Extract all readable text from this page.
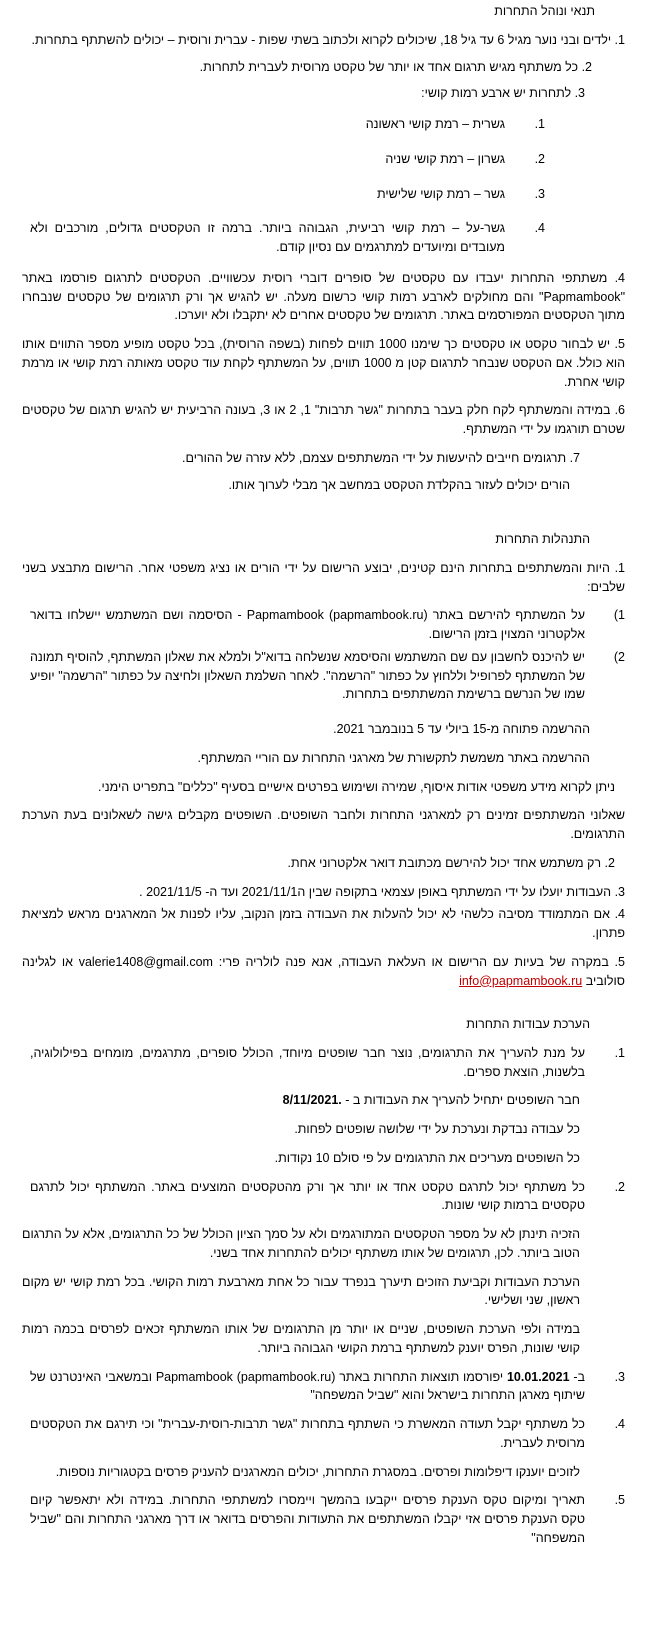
תנאי ונוהל התחרות

1. ילדים ובני נוער מגיל 6 עד גיל 18, שיכולים לקרוא ולכתוב בשתי שפות - עברית ורוסית – יכולים להשתתף בתחרות.

2. כל משתתף מגיש תרגום אחד או יותר של טקסט מרוסית לעברית לתחרות.

3. לתחרות יש ארבע רמות קושי:

1.
גשרית – רמת קושי ראשונה
2.
גשרון – רמת קושי שניה
3.
גשר – רמת קושי שלישית
4.
גשר-על – רמת קושי רביעית, הגבוהה ביותר. ברמה זו הטקסטים גדולים, מורכבים ולא מעובדים ומיועדים למתרגמים עם נסיון קודם.

4. משתתפי התחרות יעבדו עם טקסטים של סופרים דוברי רוסית עכשוויים. הטקסטים לתרגום פורסמו באתר "Papmambook" והם מחולקים לארבע רמות קושי כרשום מעלה. יש להגיש אך ורק תרגומים של טקסטים שנבחרו מתוך הטקסטים המפורסמים באתר. תרגומים של טקסטים אחרים לא יתקבלו ולא יוערכו.

5. יש לבחור טקסט או טקסטים כך שימנו 1000 תווים לפחות (בשפה הרוסית), בכל טקסט מופיע מספר התווים אותו הוא כולל. אם הטקסט שנבחר לתרגום קטן מ 1000 תווים, על המשתתף לקחת עוד טקסט מאותה רמת קושי או מרמת קושי אחרת.

6. במידה והמשתתף לקח חלק בעבר בתחרות "גשר תרבות" 1, 2 או 3, בעונה הרביעית יש להגיש תרגום של טקסטים שטרם תורגמו על ידי המשתתף.

7. תרגומים חייבים להיעשות על ידי המשתתפים עצמם, ללא עזרה של ההורים.

הורים יכולים לעזור בהקלדת הטקסט במחשב אך מבלי לערוך אותו.

התנהלות התחרות

1. היות והמשתתפים בתחרות הינם קטינים, יבוצע הרישום על ידי הורים או נציג משפטי אחר. הרישום מתבצע בשני שלבים:

1)
על המשתתף להירשם באתר Papmambook (papmambook.ru) - הסיסמה ושם המשתמש יישלחו בדואר אלקטרוני המצוין בזמן הרישום.
2)
יש להיכנס לחשבון עם שם המשתמש והסיסמא שנשלחה בדוא"ל ולמלא את שאלון המשתתף, להוסיף תמונה של המשתתף לפרופיל וללחוץ על כפתור "הרשמה". לאחר השלמת השאלון ולחיצה על כפתור "הרשמה" יופיע שמו של הנרשם ברשימת המשתתפים בתחרות.

ההרשמה פתוחה מ-15 ביולי עד 5 בנובמבר 2021.

ההרשמה באתר משמשת לתקשורת של מארגני התחרות עם הוריי המשתתף.

ניתן לקרוא מידע משפטי אודות איסוף, שמירה ושימוש בפרטים אישיים בסעיף "כללים" בתפריט הימני.

שאלוני המשתתפים זמינים רק למארגני התחרות ולחבר השופטים. השופטים מקבלים גישה לשאלונים בעת הערכת התרגומים.

2. רק משתמש אחד יכול להירשם מכתובת דואר אלקטרוני אחת.

3. העבודות יועלו על ידי המשתתף באופן עצמאי בתקופה שבין ה2021/11/1 ועד ה- 2021/11/5 .

4. אם המתמודד מסיבה כלשהי לא יכול להעלות את העבודה בזמן הנקוב, עליו לפנות אל המארגנים מראש למציאת פתרון.

5. במקרה של בעיות עם הרישום או העלאת העבודה, אנא פנה לולריה פרי: valerie1408@gmail.com או לגלינה סולוביב info@papmambook.ru

הערכת עבודות התחרות

1.
על מנת להעריך את התרגומים, נוצר חבר שופטים מיוחד, הכולל סופרים, מתרגמים, מומחים בפילולוגיה, בלשנות, הוצאת ספרים.

חבר השופטים יתחיל להעריך את העבודות ב - 8/11/2021.

כל עבודה נבדקת ונערכת על ידי שלושה שופטים לפחות.

כל השופטים מעריכים את התרגומים על פי סולם 10 נקודות.

2.
כל משתתף יכול לתרגם טקסט אחד או יותר אך ורק מהטקסטים המוצעים באתר. המשתתף יכול לתרגם טקסטים ברמות קושי שונות.

הזכיה תינתן לא על מספר הטקסטים המתורגמים ולא על סמך הציון הכולל של כל התרגומים, אלא על התרגום הטוב ביותר. לכן, תרגומים של אותו משתתף יכולים להתחרות אחד בשני.

הערכת העבודות וקביעת הזוכים תיערך בנפרד עבור כל אחת מארבעת רמות הקושי. בכל רמת קושי יש מקום ראשון, שני ושלישי.

במידה ולפי הערכת השופטים, שניים או יותר מן התרגומים של אותו המשתתף זכאים לפרסים בכמה רמות קושי שונות, הפרס יוענק למשתתף ברמת הקושי הגבוהה ביותר.

3.
ב- 10.01.2021 יפורסמו תוצאות התחרות באתר Papmambook (papmambook.ru) ובמשאבי האינטרנט של שיתוף מארגן התחרות בישראל והוא "שביל המשפחה"
4.
כל משתתף יקבל תעודה המאשרת כי השתתף בתחרות "גשר תרבות-רוסית-עברית" וכי תירגם את הטקסטים מרוסית לעברית.

לזוכים יוענקו דיפלומות ופרסים. במסגרת התחרות, יכולים המארגנים להעניק פרסים בקטגוריות נוספות.

5.
תאריך ומיקום טקס הענקת פרסים ייקבעו בהמשך ויימסרו למשתתפי התחרות. במידה ולא יתאפשר קיום טקס הענקת פרסים אזי יקבלו המשתתפים את התעודות והפרסים בדואר או דרך מארגני התחרות והם "שביל המשפחה"
